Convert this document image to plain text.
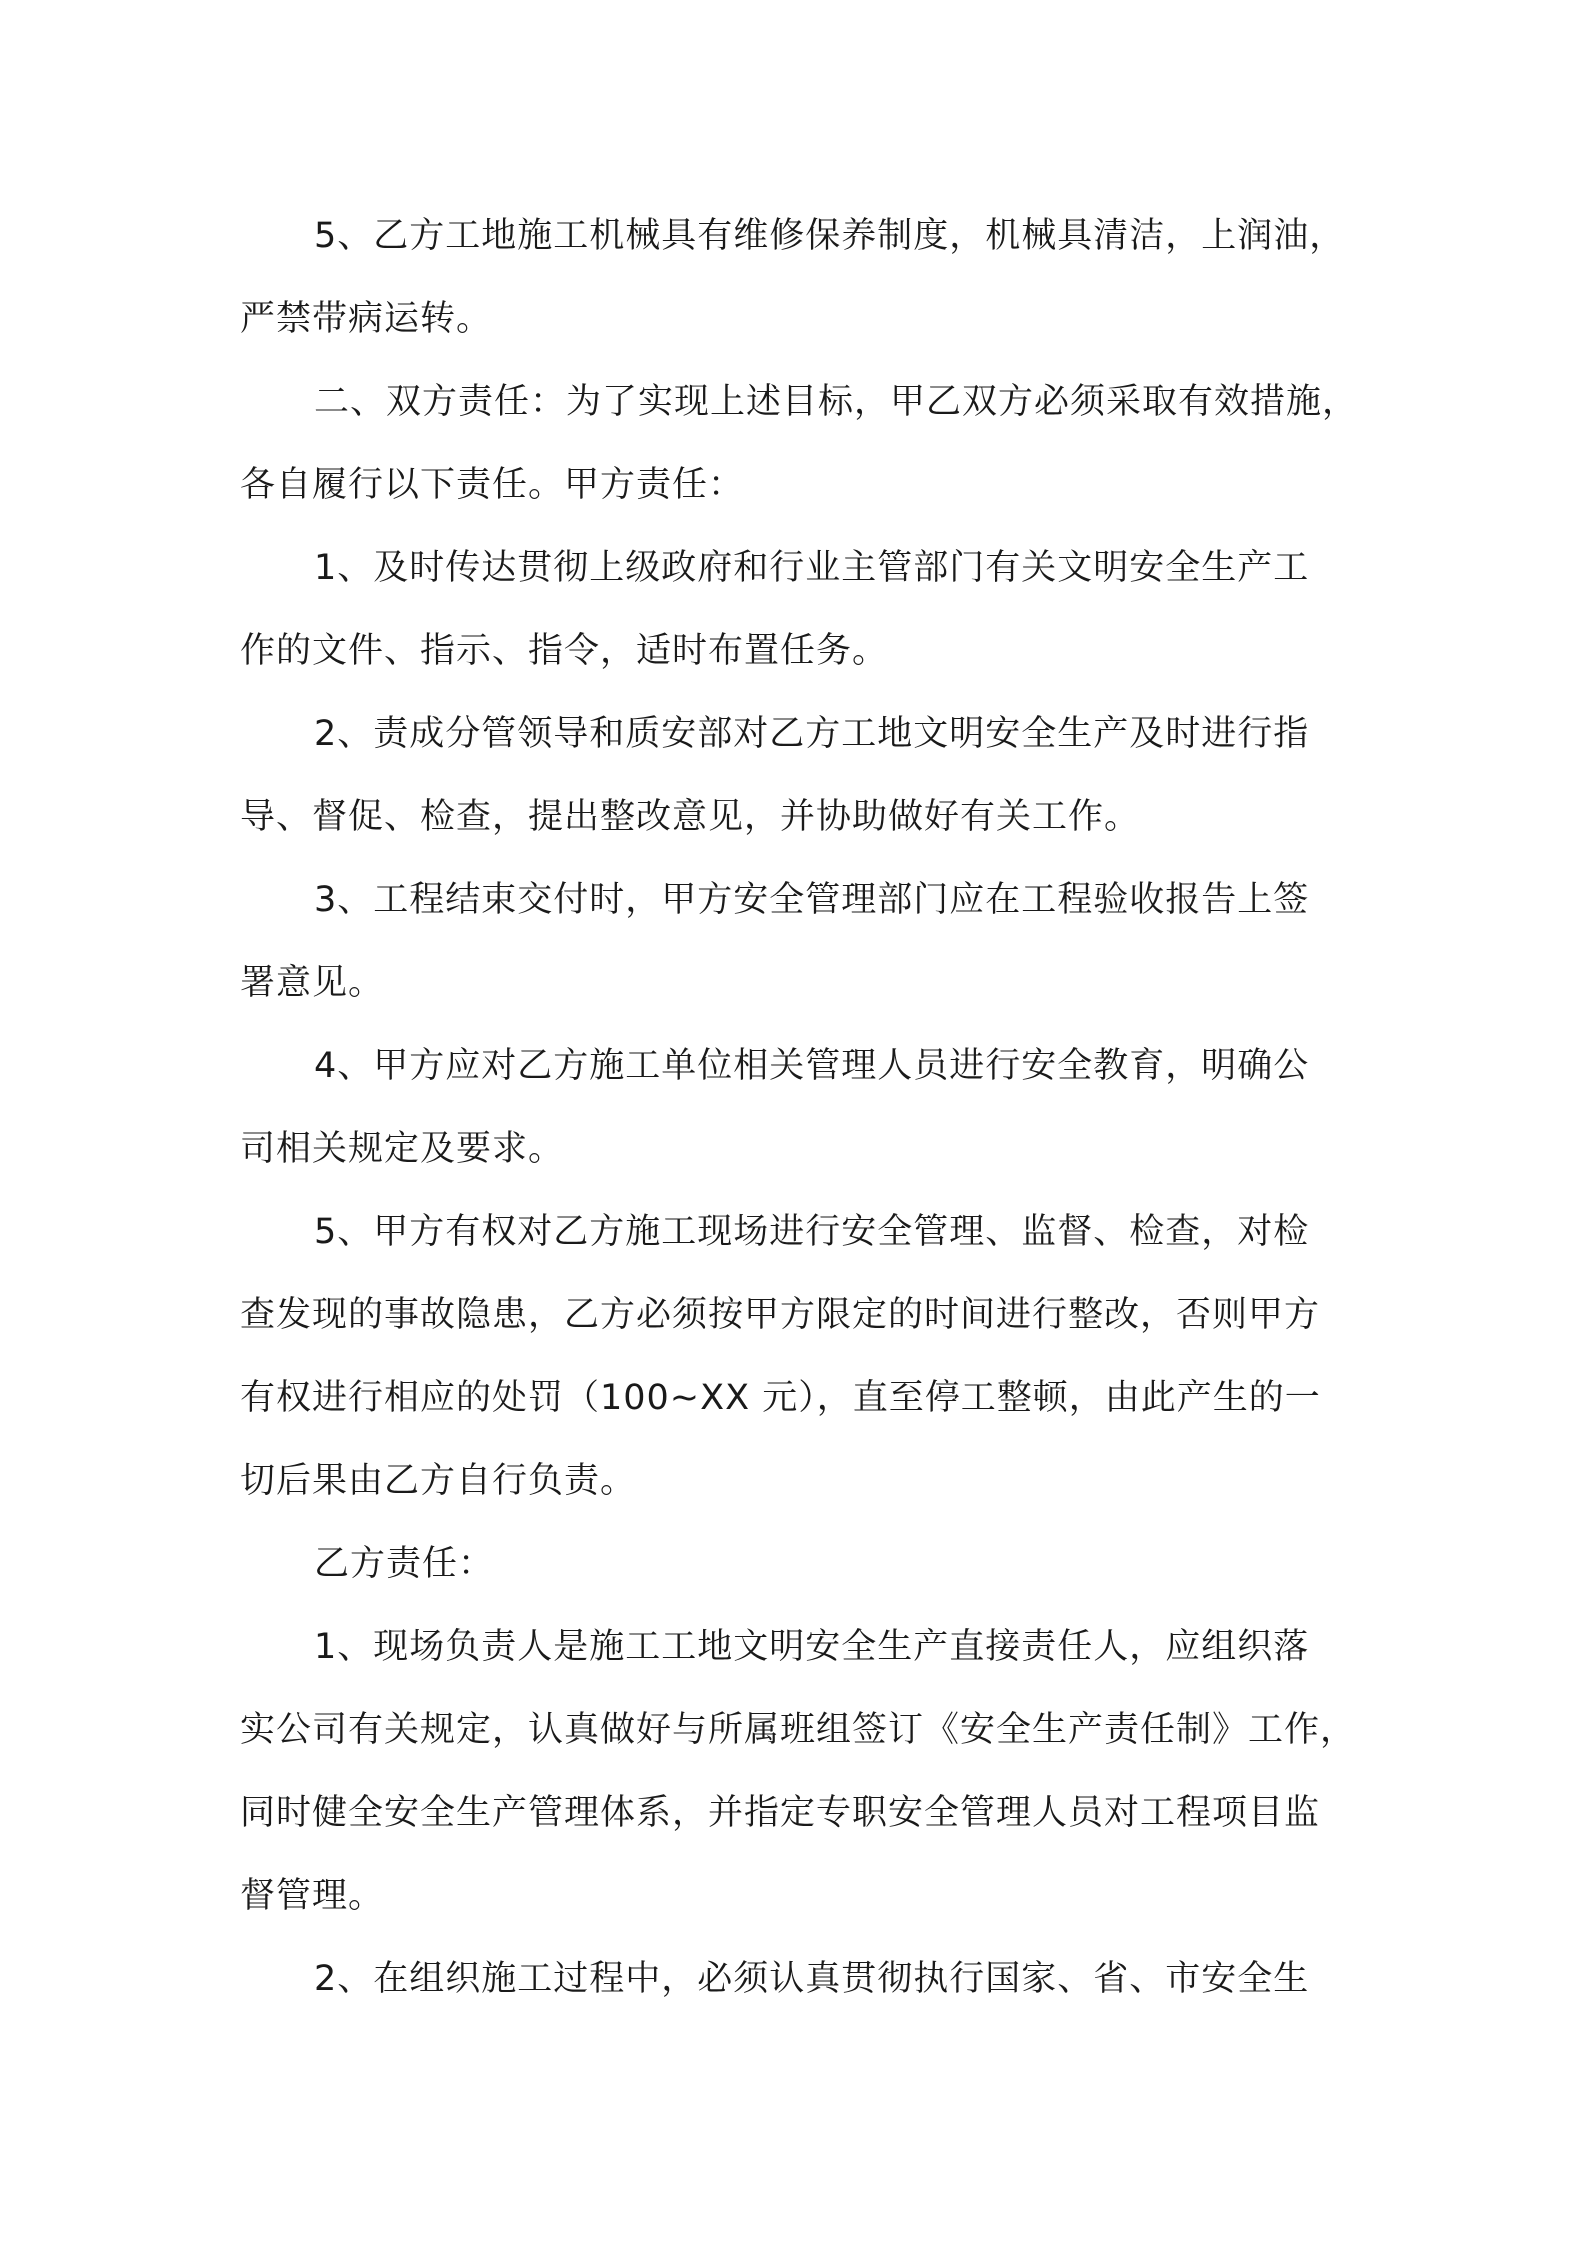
5、乙方工地施工机械具有维修保养制度，机械具清洁，上润油，
严禁带病运转。

二、双方责任：为了实现上述目标，甲乙双方必须采取有效措施，
各自履行以下责任。甲方责任：

1、及时传达贯彻上级政府和行业主管部门有关文明安全生产工
作的文件、指示、指令，适时布置任务。

2、责成分管领导和质安部对乙方工地文明安全生产及时进行指
导、督促、检查，提出整改意见，并协助做好有关工作。

3、工程结束交付时，甲方安全管理部门应在工程验收报告上签
署意见。

4、甲方应对乙方施工单位相关管理人员进行安全教育，明确公
司相关规定及要求。

5、甲方有权对乙方施工现场进行安全管理、监督、检查，对检
查发现的事故隐患，乙方必须按甲方限定的时间进行整改，否则甲方
有权进行相应的处罚（100~XX 元），直至停工整顿，由此产生的一
切后果由乙方自行负责。

乙方责任：

1、现场负责人是施工工地文明安全生产直接责任人，应组织落
实公司有关规定，认真做好与所属班组签订《安全生产责任制》工作，
同时健全安全生产管理体系，并指定专职安全管理人员对工程项目监
督管理。

2、在组织施工过程中，必须认真贯彻执行国家、省、市安全生
